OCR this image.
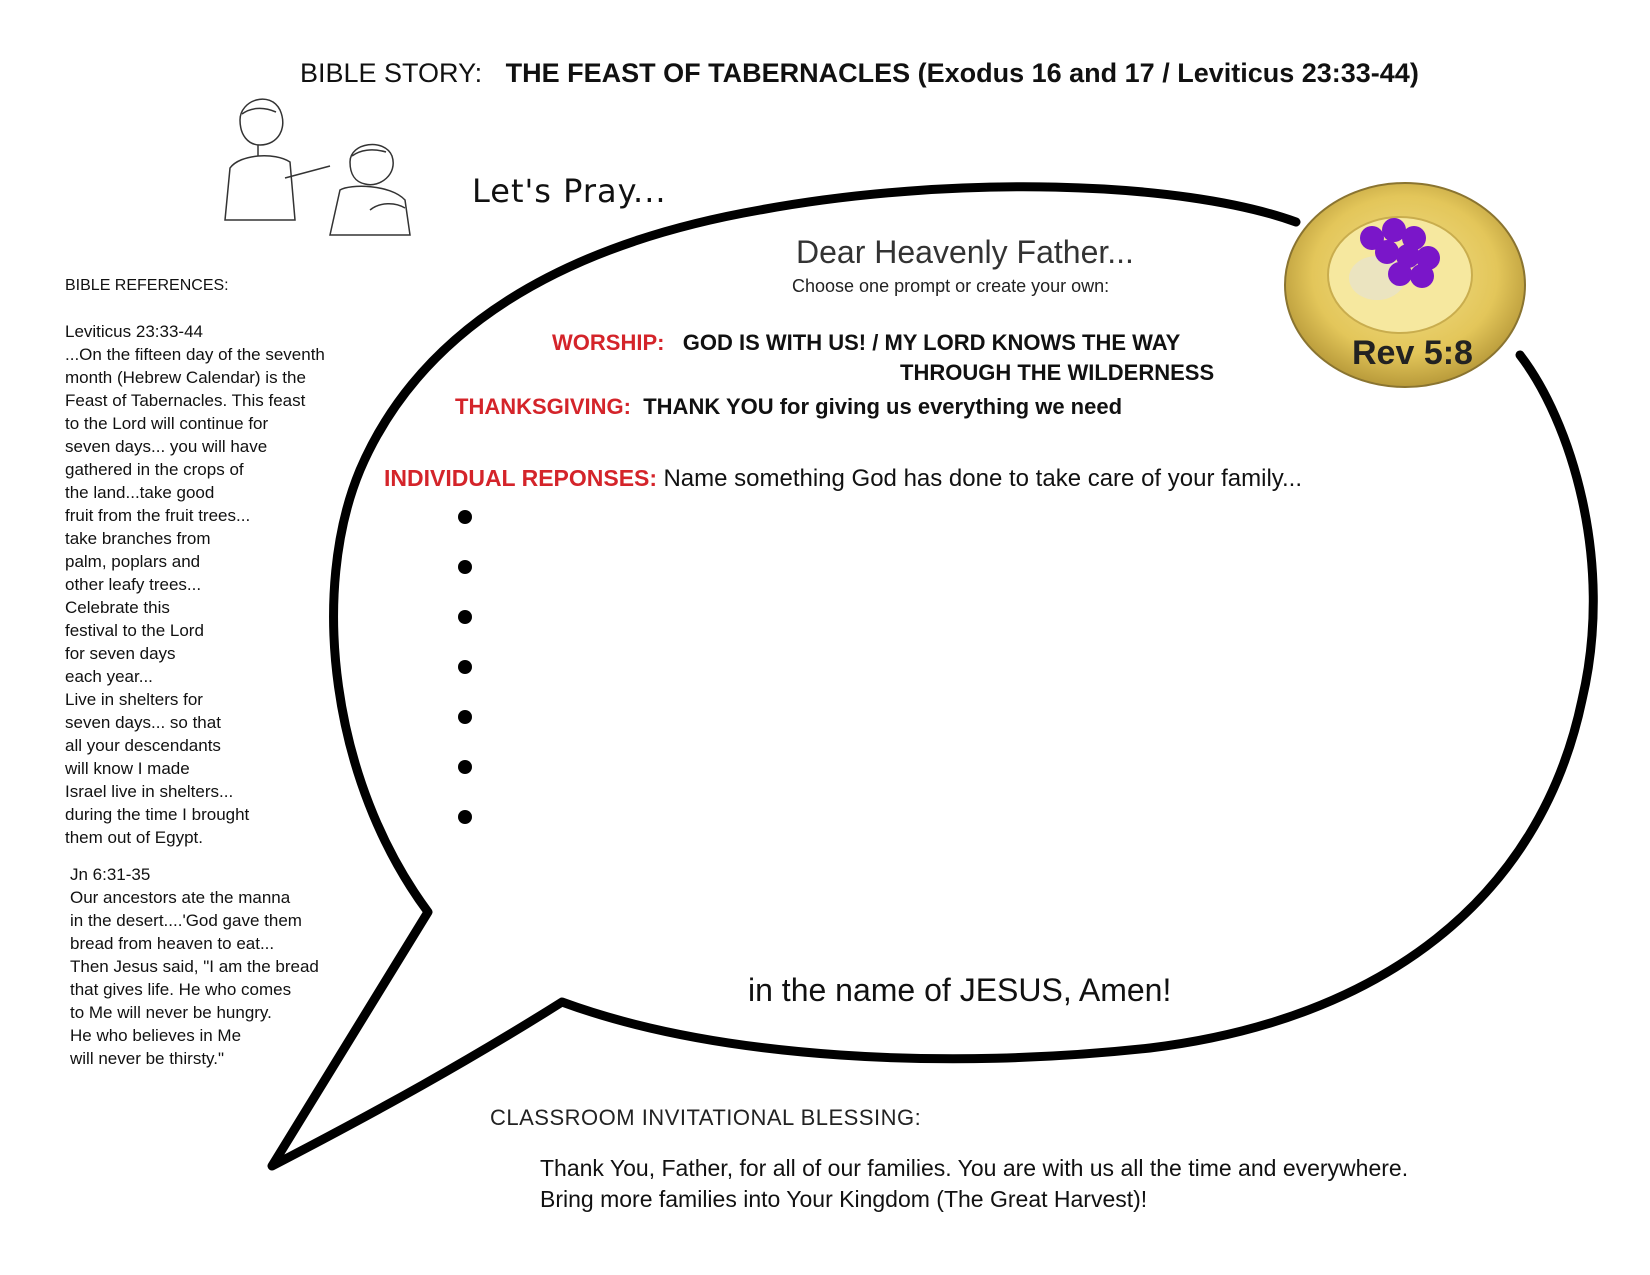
BIBLE STORY: THE FEAST OF TABERNACLES (Exodus 16 and 17 / Leviticus 23:33-44)
Let's Pray...
Dear Heavenly Father...
Choose one prompt or create your own:
WORSHIP: GOD IS WITH US! / MY LORD KNOWS THE WAY
THROUGH THE WILDERNESS
THANKSGIVING: THANK YOU for giving us everything we need
INDIVIDUAL REPONSES: Name something God has done to take care of your family...
in the name of JESUS, Amen!
Rev 5:8
BIBLE REFERENCES:
Leviticus 23:33-44
...On the fifteen day of the seventh
month (Hebrew Calendar) is the
Feast of Tabernacles. This feast
to the Lord will continue for
seven days... you will have
gathered in the crops of
the land...take good
fruit from the fruit trees...
take branches from
palm, poplars and
other leafy trees...
Celebrate this
festival to the Lord
for seven days
each year...
Live in shelters for
seven days... so that
all your descendants
will know I made
Israel live in shelters...
during the time I brought
them out of Egypt.
Jn 6:31-35
Our ancestors ate the manna
in the desert....'God gave them
bread from heaven to eat...
Then Jesus said, "I am the bread
that gives life. He who comes
to Me will never be hungry.
He who believes in Me
will never be thirsty."
CLASSROOM INVITATIONAL BLESSING:
Thank You, Father, for all of our families. You are with us all the time and everywhere.
Bring more families into Your Kingdom (The Great Harvest)!
